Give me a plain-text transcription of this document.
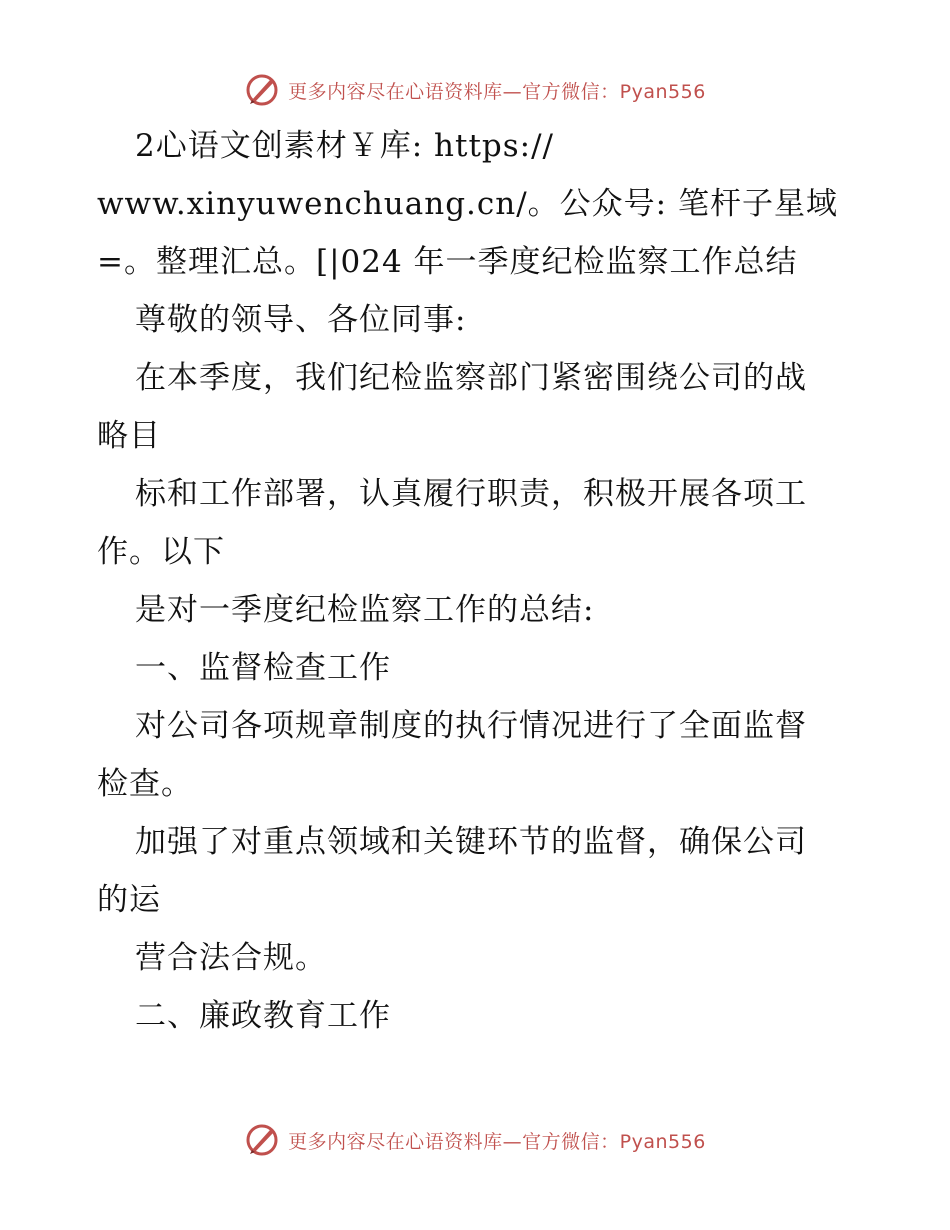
更多内容尽在心语资料库—官方微信：Pyan556
2心语文创素材￥库: https://
www.xinyuwenchuang.cn/。公众号: 笔杆子星域
=。整理汇总。[|024 年一季度纪检监察工作总结
尊敬的领导、各位同事:
在本季度，我们纪检监察部门紧密围绕公司的战
略目
标和工作部署，认真履行职责，积极开展各项工
作。以下
是对一季度纪检监察工作的总结:
一、监督检查工作
对公司各项规章制度的执行情况进行了全面监督
检查。
加强了对重点领域和关键环节的监督，确保公司
的运
营合法合规。
二、廉政教育工作
更多内容尽在心语资料库—官方微信：Pyan556
